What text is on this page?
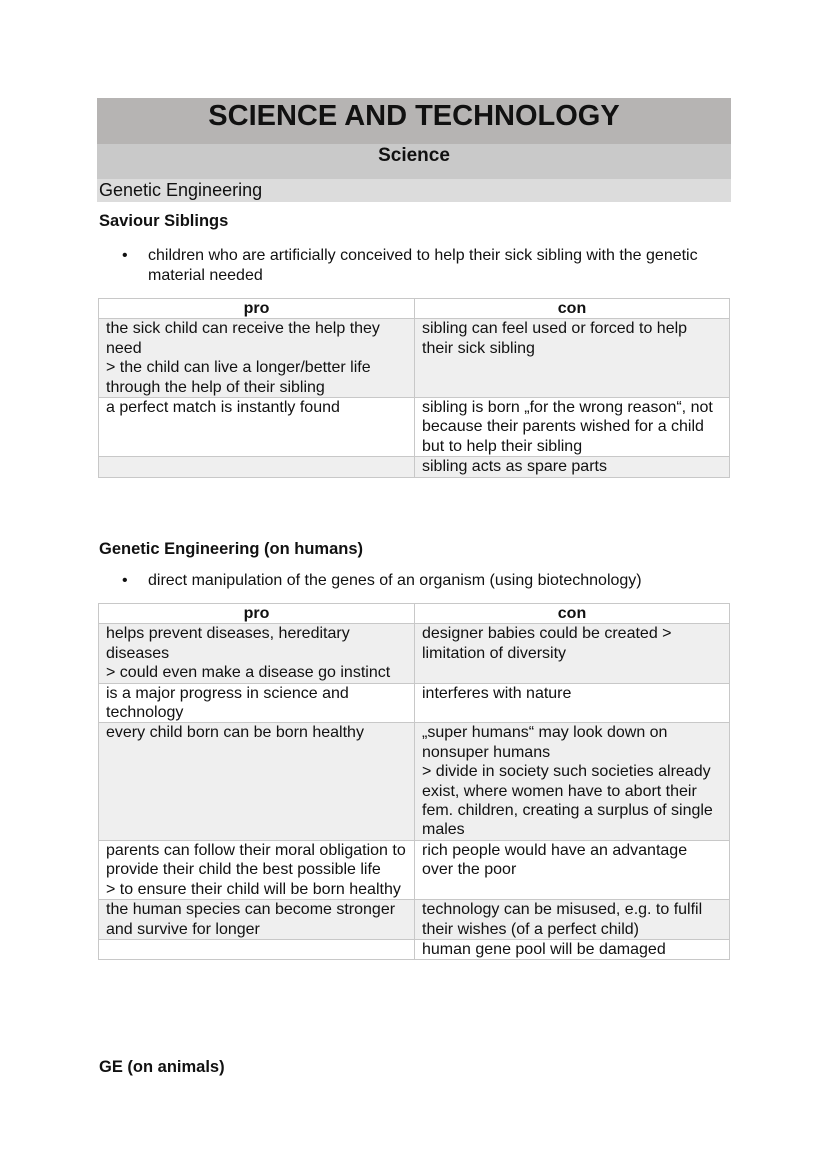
SCIENCE AND TECHNOLOGY
Science
Genetic Engineering
Saviour Siblings
• children who are artificially conceived to help their sick sibling with the genetic material needed
pro	con

the sick child can receive the help they need
> the child can live a longer/better life through the help of their sibling	sibling can feel used or forced to help their sick sibling

a perfect match is instantly found	sibling is born „for the wrong reason“, not because their parents wished for a child but to help their sibling

	sibling acts as spare parts
Genetic Engineering (on humans)
• direct manipulation of the genes of an organism (using biotechnology)
pro	con

helps prevent diseases, hereditary diseases
> could even make a disease go instinct	designer babies could be created > limitation of diversity

is a major progress in science and technology	interferes with nature

every child born can be born healthy	„super humans“ may look down on nonsuper humans
> divide in society such societies already exist, where women have to abort their fem. children, creating a surplus of single males

parents can follow their moral obligation to provide their child the best possible life
> to ensure their child will be born healthy	rich people would have an advantage over the poor

the human species can become stronger and survive for longer	technology can be misused, e.g. to fulfil their wishes (of a perfect child)

	human gene pool will be damaged
GE (on animals)
